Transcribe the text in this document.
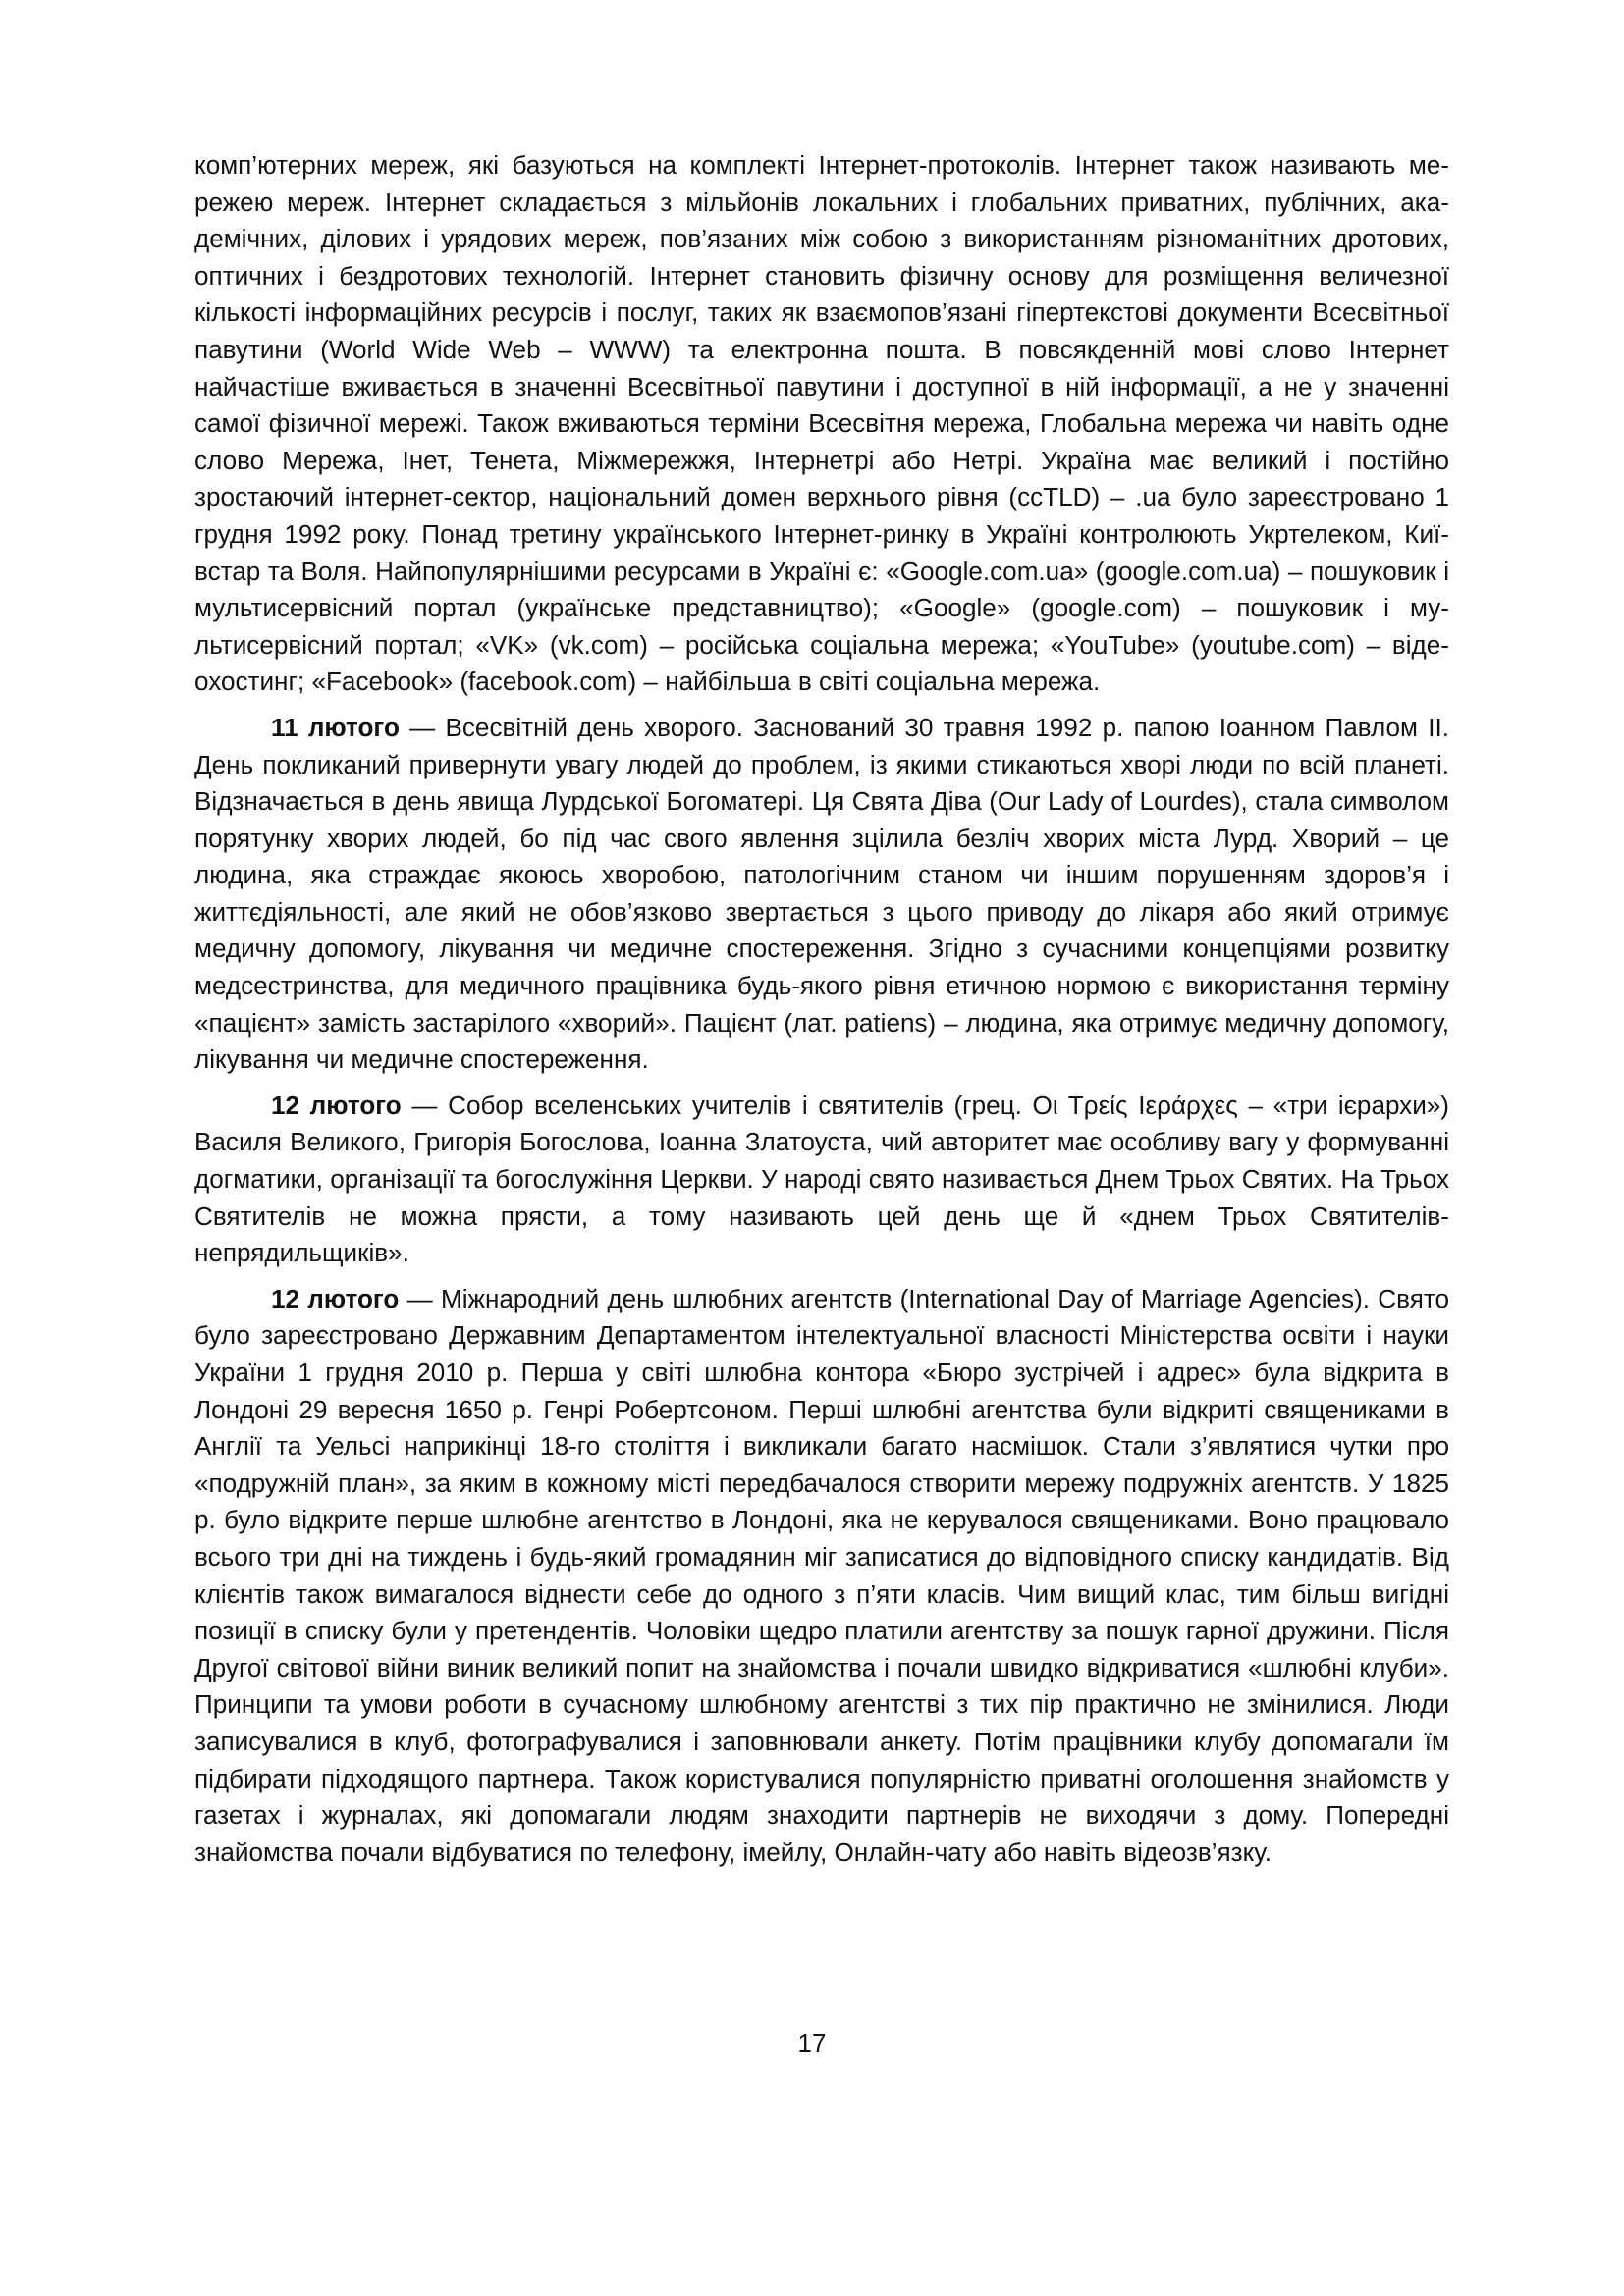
комп’ютерних мереж, які базуються на комплекті Інтернет-протоколів. Інтернет також називають мережею мереж. Інтернет складається з мільйонів локальних і глобальних приватних, публічних, академічних, ділових і урядових мереж, пов’язаних між собою з використанням різноманітних дротових, оптичних і бездротових технологій. Інтернет становить фізичну основу для розміщення величезної кількості інформаційних ресурсів і послуг, таких як взаємопов’язані гіпертекстові документи Всесвітньої павутини (World Wide Web – WWW) та електронна пошта. В повсякденній мові слово Інтернет найчастіше вживається в значенні Всесвітньої павутини і доступної в ній інформації, а не у значенні самої фізичної мережі. Також вживаються терміни Всесвітня мережа, Глобальна мережа чи навіть одне слово Мережа, Інет, Тенета, Міжмережжя, Інтернетрі або Нетрі. Україна має великий і постійно зростаючий інтернет-сектор, національний домен верхнього рівня (ccTLD) – .ua було зареєстровано 1 грудня 1992 року. Понад третину українського Інтернет-ринку в Україні контролюють Укртелеком, Київстар та Воля. Найпопулярнішими ресурсами в Україні є: «Google.com.ua» (google.com.ua) – пошуковик і мультисервісний портал (українське представництво); «Google» (google.com) – пошуковик і мультисервісний портал; «VK» (vk.com) – російська соціальна мережа; «YouTube» (youtube.com) – відеохостинг; «Facebook» (facebook.com) – найбільша в світі соціальна мережа.

11 лютого — Всесвітній день хворого. Заснований 30 травня 1992 р. папою Іоанном Павлом II. День покликаний привернути увагу людей до проблем, із якими стикаються хворі люди по всій планеті. Відзначається в день явища Лурдської Богоматері. Ця Свята Діва (Our Lady of Lourdes), стала символом порятунку хворих людей, бо під час свого явлення зцілила безліч хворих міста Лурд. Хворий – це людина, яка страждає якоюсь хворобою, патологічним станом чи іншим порушенням здоров’я і життєдіяльності, але який не обов’язково звертається з цього приводу до лікаря або який отримує медичну допомогу, лікування чи медичне спостереження. Згідно з сучасними концепціями розвитку медсестринства, для медичного працівника будь-якого рівня етичною нормою є використання терміну «пацієнт» замість застарілого «хворий». Пацієнт (лат. patiens) – людина, яка отримує медичну допомогу, лікування чи медичне спостереження.

12 лютого — Собор вселенських учителів і святителів (грец. Οι Τρείς Ιεράρχες – «три ієрархи») Василя Великого, Григорія Богослова, Іоанна Златоуста, чий авторитет має особливу вагу у формуванні догматики, організації та богослужіння Церкви. У народі свято називається Днем Трьох Святих. На Трьох Святителів не можна прясти, а тому називають цей день ще й «днем Трьох Святителів-непрядильщиків».

12 лютого — Міжнародний день шлюбних агентств (International Day of Marriage Agencies). Свято було зареєстровано Державним Департаментом інтелектуальної власності Міністерства освіти і науки України 1 грудня 2010 р. Перша у світі шлюбна контора «Бюро зустрічей і адрес» була відкрита в Лондоні 29 вересня 1650 р. Генрі Робертсоном. Перші шлюбні агентства були відкриті священиками в Англії та Уельсі наприкінці 18-го століття і викликали багато насмішок. Стали з’являтися чутки про «подружній план», за яким в кожному місті передбачалося створити мережу подружніх агентств. У 1825 р. було відкрите перше шлюбне агентство в Лондоні, яка не керувалося священиками. Воно працювало всього три дні на тиждень і будь-який громадянин міг записатися до відповідного списку кандидатів. Від клієнтів також вимагалося віднести себе до одного з п’яти класів. Чим вищий клас, тим більш вигідні позиції в списку були у претендентів. Чоловіки щедро платили агентству за пошук гарної дружини. Після Другої світової війни виник великий попит на знайомства і почали швидко відкриватися «шлюбні клуби». Принципи та умови роботи в сучасному шлюбному агентстві з тих пір практично не змінилися. Люди записувалися в клуб, фотографувалися і заповнювали анкету. Потім працівники клубу допомагали їм підбирати підходящого партнера. Також користувалися популярністю приватні оголошення знайомств у газетах і журналах, які допомагали людям знаходити партнерів не виходячи з дому. Попередні знайомства почали відбуватися по телефону, імейлу, Онлайн-чату або навіть відеозв’язку.

17
